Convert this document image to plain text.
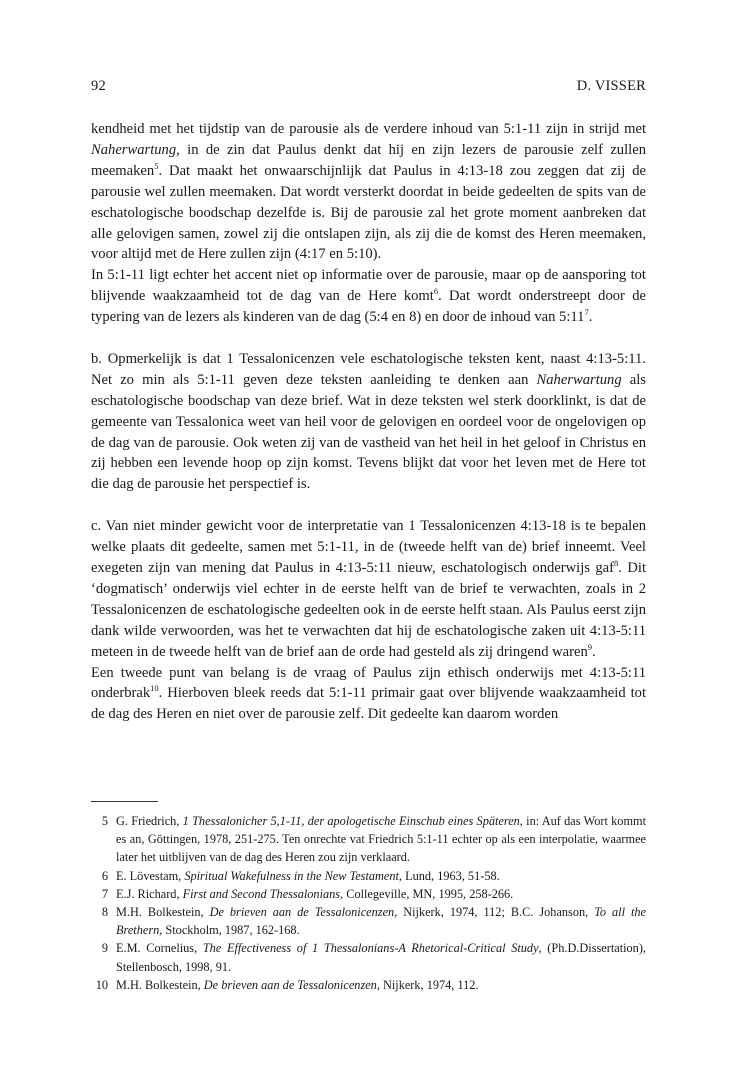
92	D. VISSER

kendheid met het tijdstip van de parousie als de verdere inhoud van 5:1-11 zijn in strijd met Naherwartung, in de zin dat Paulus denkt dat hij en zijn lezers de parousie zelf zullen meemaken$^5$. Dat maakt het onwaarschijnlijk dat Paulus in 4:13-18 zou zeggen dat zij de parousie wel zullen meemaken. Dat wordt versterkt doordat in beide gedeelten de spits van de eschatologische boodschap dezelfde is. Bij de parousie zal het grote moment aanbreken dat alle gelovigen samen, zowel zij die ontslapen zijn, als zij die de komst des Heren meemaken, voor altijd met de Here zullen zijn (4:17 en 5:10).

In 5:1-11 ligt echter het accent niet op informatie over de parousie, maar op de aansporing tot blijvende waakzaamheid tot de dag van de Here komt$^6$. Dat wordt onderstreept door de typering van de lezers als kinderen van de dag (5:4 en 8) en door de inhoud van $5:11^7$.

b. Opmerkelijk is dat 1 Tessalonicenzen vele eschatologische teksten kent, naast 4:13-5:11. Net zo min als 5:1-11 geven deze teksten aanleiding te denken aan Naherwartung als eschatologische boodschap van deze brief. Wat in deze teksten wel sterk doorklinkt, is dat de gemeente van Tessalonica weet van heil voor de gelovigen en oordeel voor de ongelovigen op de dag van de parousie. Ook weten zij van de vastheid van het heil in het geloof in Christus en zij hebben een levende hoop op zijn komst. Tevens blijkt dat voor het leven met de Here tot die dag de parousie het perspectief is.

c. Van niet minder gewicht voor de interpretatie van 1 Tessalonicenzen 4:13-18 is te bepalen welke plaats dit gedeelte, samen met 5:1-11, in de (tweede helft van de) brief inneemt. Veel exegeten zijn van mening dat Paulus in 4:13-5:11 nieuw, eschatologisch onderwijs gaf$^8$. Dit ‘dogmatisch’ onderwijs viel echter in de eerste helft van de brief te verwachten, zoals in 2 Tessalonicenzen de eschatologische gedeelten ook in de eerste helft staan. Als Paulus eerst zijn dank wilde verwoorden, was het te verwachten dat hij de eschatologische zaken uit 4:13-5:11 meteen in de tweede helft van de brief aan de orde had gesteld als zij dringend waren$^9$.

Een tweede punt van belang is de vraag of Paulus zijn ethisch onderwijs met 4:13-5:11 onderbrak$^{10}$. Hierboven bleek reeds dat 5:1-11 primair gaat over blijvende waakzaamheid tot de dag des Heren en niet over de parousie zelf. Dit gedeelte kan daarom worden

5 G. Friedrich, 1 Thessalonicher 5,1-11, der apologetische Einschub eines Späteren, in: Auf das Wort kommt es an, Göttingen, 1978, 251-275. Ten onrechte vat Friedrich 5:1-11 echter op als een interpolatie, waarmee later het uitblijven van de dag des Heren zou zijn verklaard.

6 E. Lövestam, Spiritual Wakefulness in the New Testament, Lund, 1963, 51-58.

7 E.J. Richard, First and Second Thessalonians, Collegeville, MN, 1995, 258-266.

8 M.H. Bolkestein, De brieven aan de Tessalonicenzen, Nijkerk, 1974, 112; B.C. Johanson, To all the Brethern, Stockholm, 1987, 162-168.

9 E.M. Cornelius, The Effectiveness of 1 Thessalonians-A Rhetorical-Critical Study, (Ph.D.Dissertation), Stellenbosch, 1998, 91.

10 M.H. Bolkestein, De brieven aan de Tessalonicenzen, Nijkerk, 1974, 112.
